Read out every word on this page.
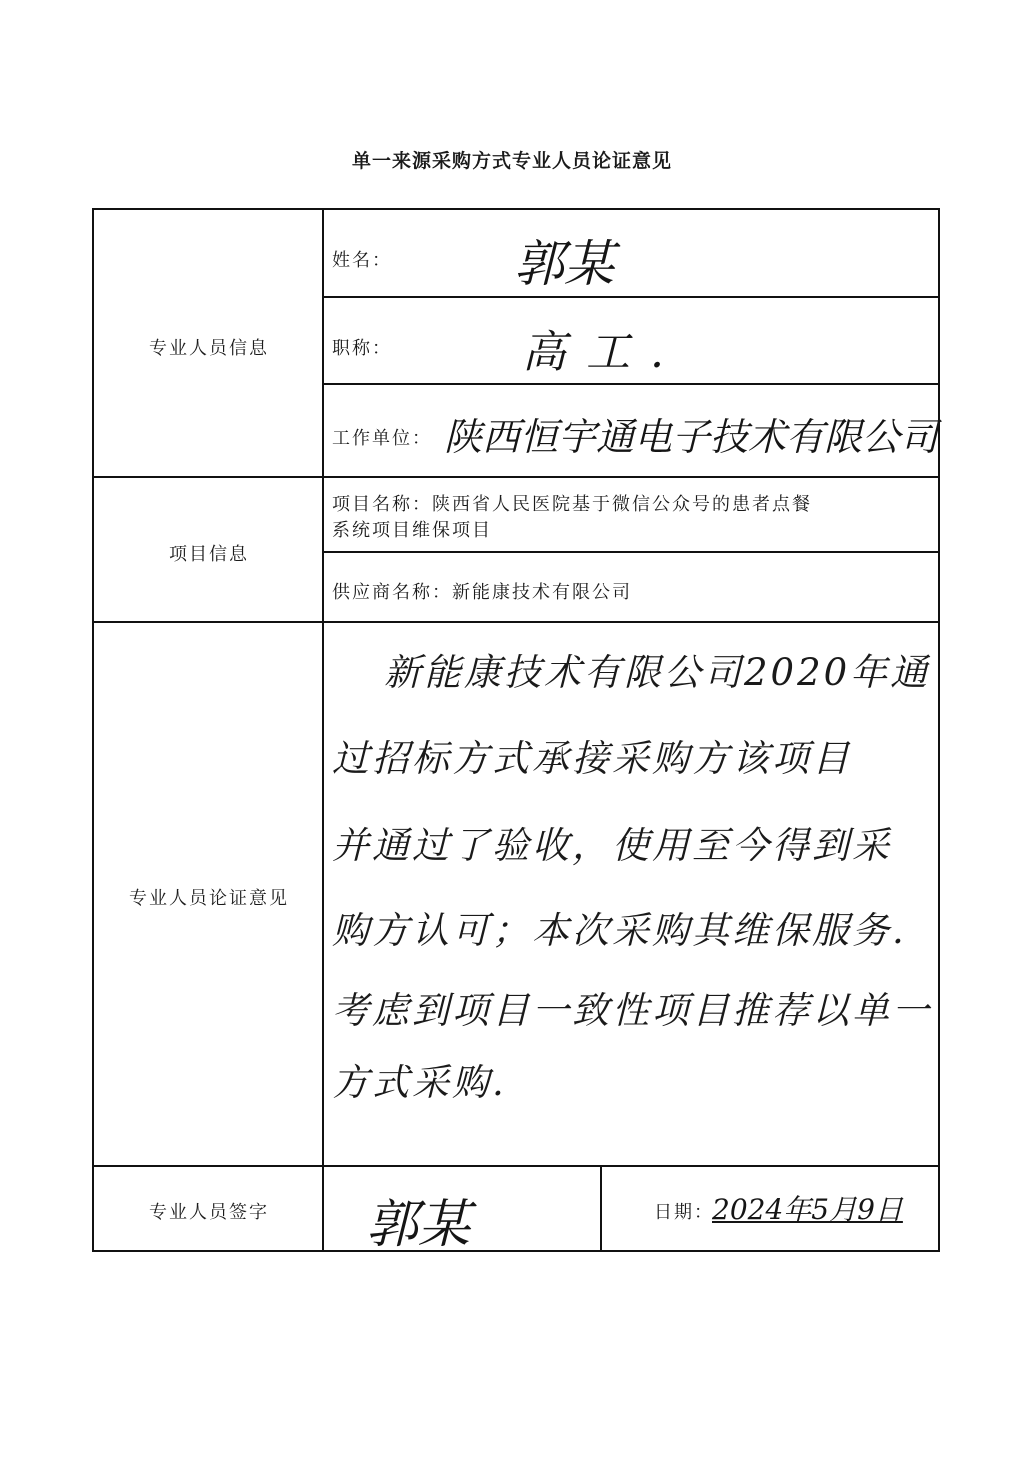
单一来源采购方式专业人员论证意见
专业人员信息
项目信息
专业人员论证意见
专业人员签字
姓名： 郭某
职称：	高工.
工作单位： 陕西恒宇通电子技术有限公司
项目名称：陕西省人民医院基于微信公众号的患者点餐
系统项目维保项目
供应商名称：新能康技术有限公司
新能康技术有限公司2020年通
过招标方式承接采购方该项目
并通过了验收，使用至今得到采
购方认可；本次采购其维保服务.
考虑到项目一致性项目推荐以单一
方式采购.
郭某	日期：
2024年5月9日
